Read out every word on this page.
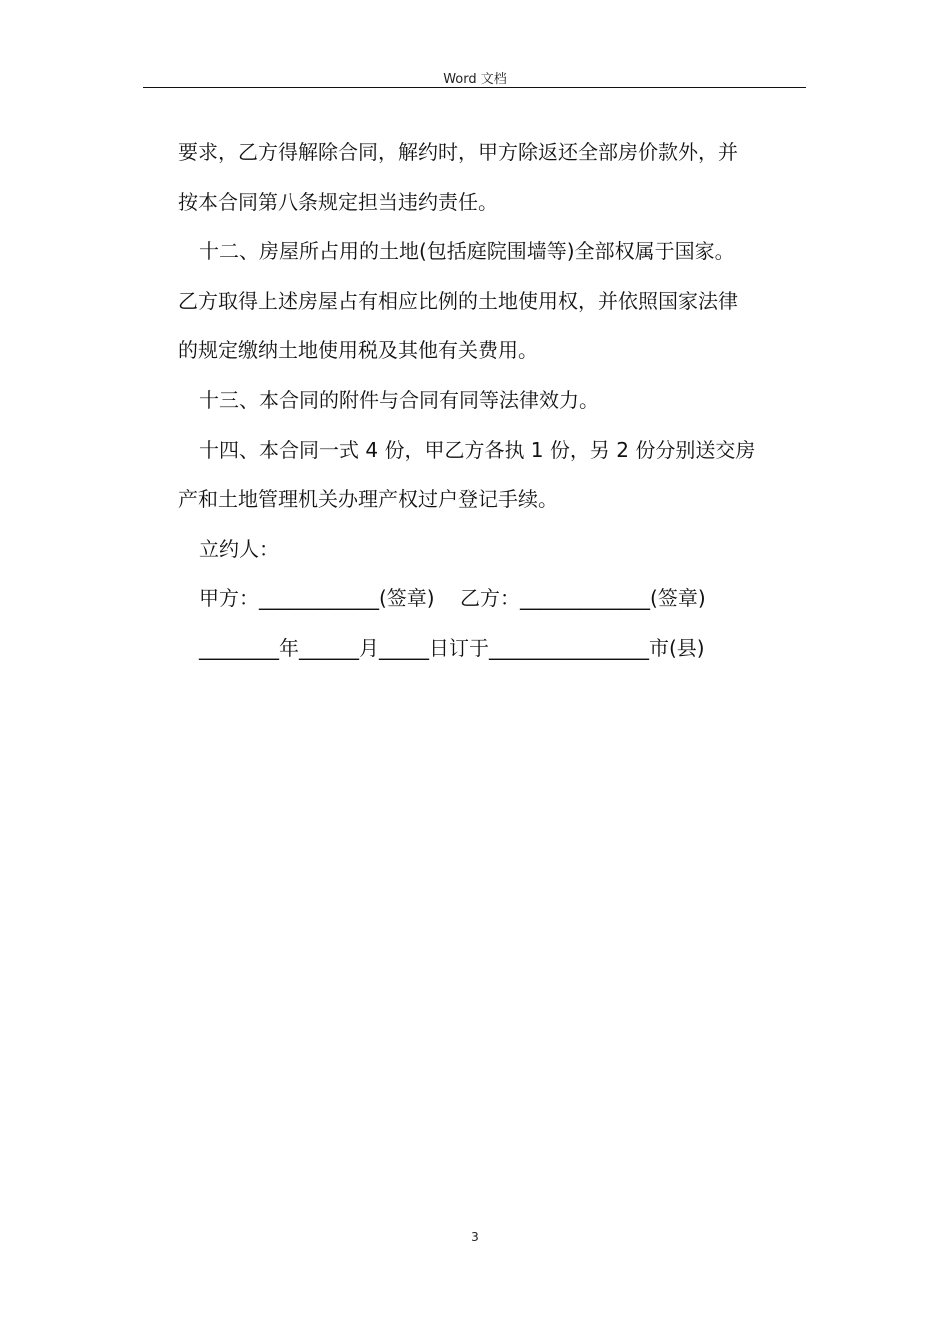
Word 文档
要求，乙方得解除合同，解约时，甲方除返还全部房价款外，并
按本合同第八条规定担当违约责任。
十二、房屋所占用的土地(包括庭院围墙等)全部权属于国家。
乙方取得上述房屋占有相应比例的土地使用权，并依照国家法律
的规定缴纳土地使用税及其他有关费用。
十三、本合同的附件与合同有同等法律效力。
十四、本合同一式 4 份，甲乙方各执 1 份，另 2 份分别送交房
产和土地管理机关办理产权过户登记手续。
立约人：
甲方：____________(签章)    乙方：_____________(签章)
________年______月_____日订于________________市(县)
3
